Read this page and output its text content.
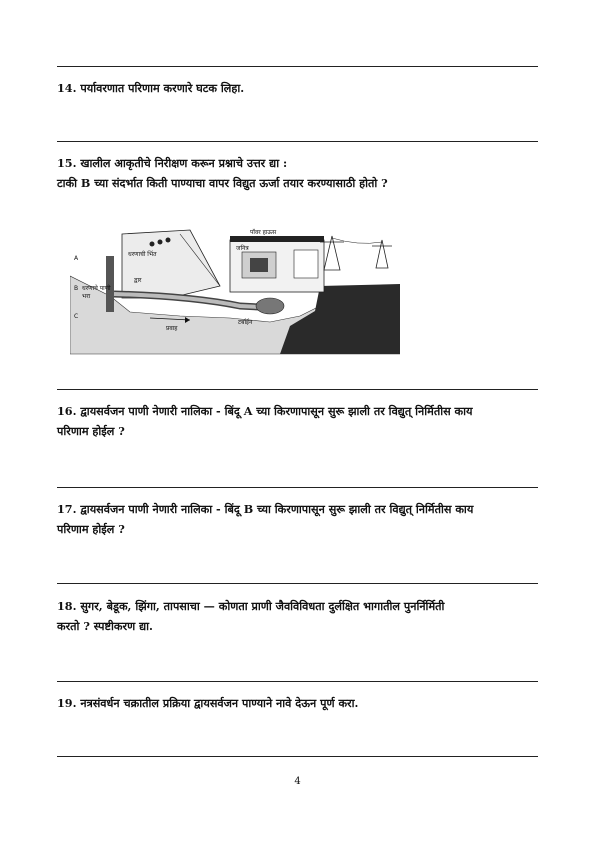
14. पर्यावरणात परिणाम करणारे घटक लिहा.
15. खालील आकृतीचे निरीक्षण करून प्रश्नाचे उत्तर द्या :
टाकी B च्या संदर्भात किती पाण्याचा वापर विद्युत ऊर्जा तयार करण्यासाठी होतो ?
पॉवर हाऊस
धरणाची भिंत
द्वार
प्रवाह
टर्बाईन
जनित्र
A
B
C
धरणाचे पाणी
भरा
16. द्वायसर्वजन पाणी नेणारी नालिका - बिंदू A च्या किरणापासून सुरू झाली तर विद्युत् निर्मितीस काय
परिणाम होईल ?
17. द्वायसर्वजन पाणी नेणारी नालिका - बिंदू B च्या किरणापासून सुरू झाली तर विद्युत् निर्मितीस काय
परिणाम होईल ?
18. सुगर, बेडूक, झिंगा, तापसाचा — कोणता प्राणी जैवविविधता दुर्लक्षित भागातील पुनर्निर्मिती
करतो ? स्पष्टीकरण द्या.
19. नत्रसंवर्धन चक्रातील प्रक्रिया द्वायसर्वजन पाण्याने नावे देऊन पूर्ण करा.
4
